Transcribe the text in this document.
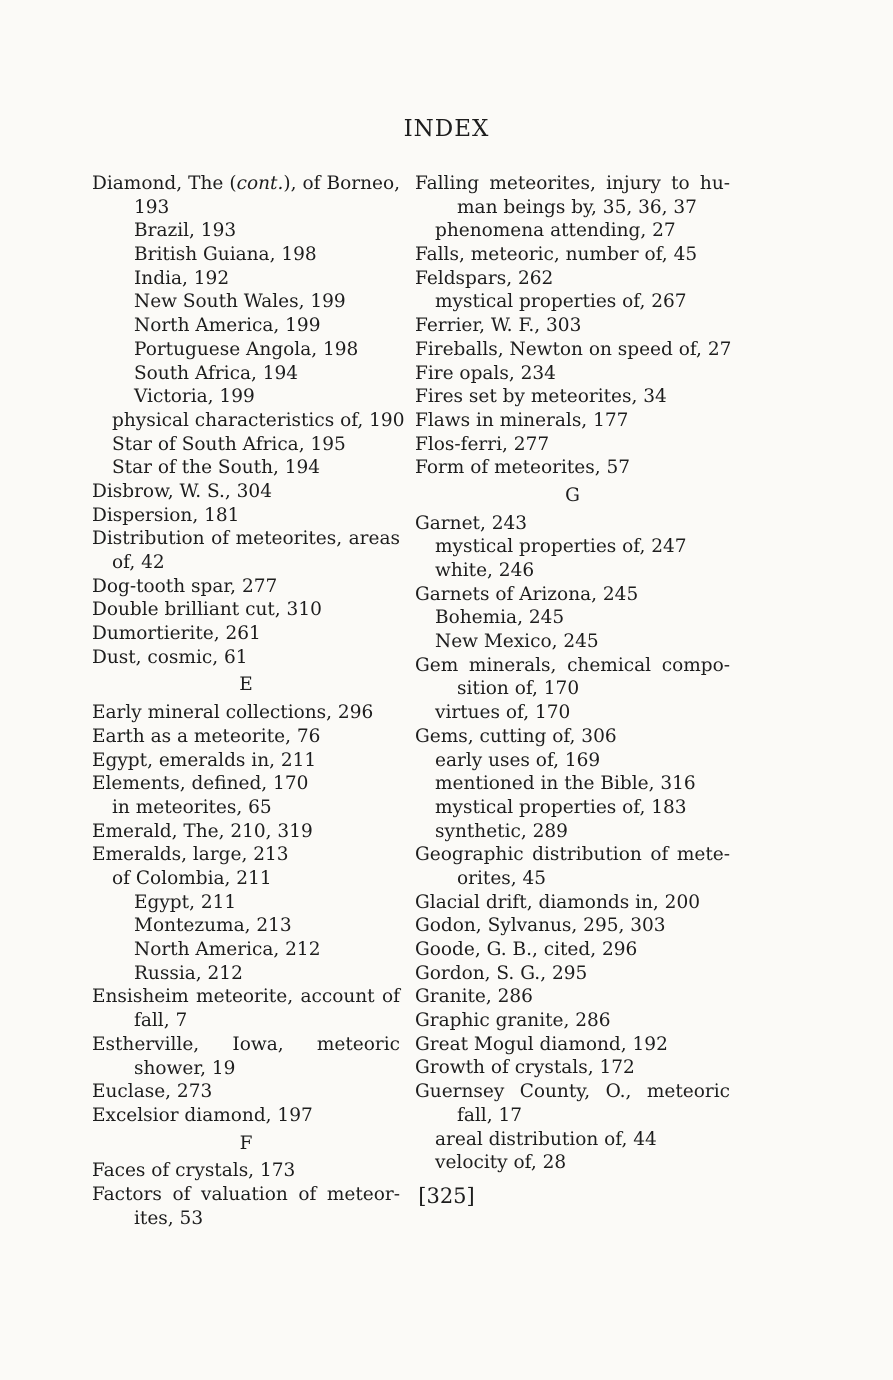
INDEX
Diamond, The (cont.), of Borneo,
193
Brazil, 193
British Guiana, 198
India, 192
New South Wales, 199
North America, 199
Portuguese Angola, 198
South Africa, 194
Victoria, 199
physical characteristics of, 190
Star of South Africa, 195
Star of the South, 194
Disbrow, W. S., 304
Dispersion, 181
Distribution of meteorites, areas
of, 42
Dog-tooth spar, 277
Double brilliant cut, 310
Dumortierite, 261
Dust, cosmic, 61
E
Early mineral collections, 296
Earth as a meteorite, 76
Egypt, emeralds in, 211
Elements, defined, 170
in meteorites, 65
Emerald, The, 210, 319
Emeralds, large, 213
of Colombia, 211
Egypt, 211
Montezuma, 213
North America, 212
Russia, 212
Ensisheim meteorite, account of
fall, 7
Estherville, Iowa, meteoric
shower, 19
Euclase, 273
Excelsior diamond, 197
F
Faces of crystals, 173
Factors of valuation of meteor-
ites, 53
Falling meteorites, injury to hu-
man beings by, 35, 36, 37
phenomena attending, 27
Falls, meteoric, number of, 45
Feldspars, 262
mystical properties of, 267
Ferrier, W. F., 303
Fireballs, Newton on speed of, 27
Fire opals, 234
Fires set by meteorites, 34
Flaws in minerals, 177
Flos-ferri, 277
Form of meteorites, 57
G
Garnet, 243
mystical properties of, 247
white, 246
Garnets of Arizona, 245
Bohemia, 245
New Mexico, 245
Gem minerals, chemical compo-
sition of, 170
virtues of, 170
Gems, cutting of, 306
early uses of, 169
mentioned in the Bible, 316
mystical properties of, 183
synthetic, 289
Geographic distribution of mete-
orites, 45
Glacial drift, diamonds in, 200
Godon, Sylvanus, 295, 303
Goode, G. B., cited, 296
Gordon, S. G., 295
Granite, 286
Graphic granite, 286
Great Mogul diamond, 192
Growth of crystals, 172
Guernsey County, O., meteoric
fall, 17
areal distribution of, 44
velocity of, 28
[325]
